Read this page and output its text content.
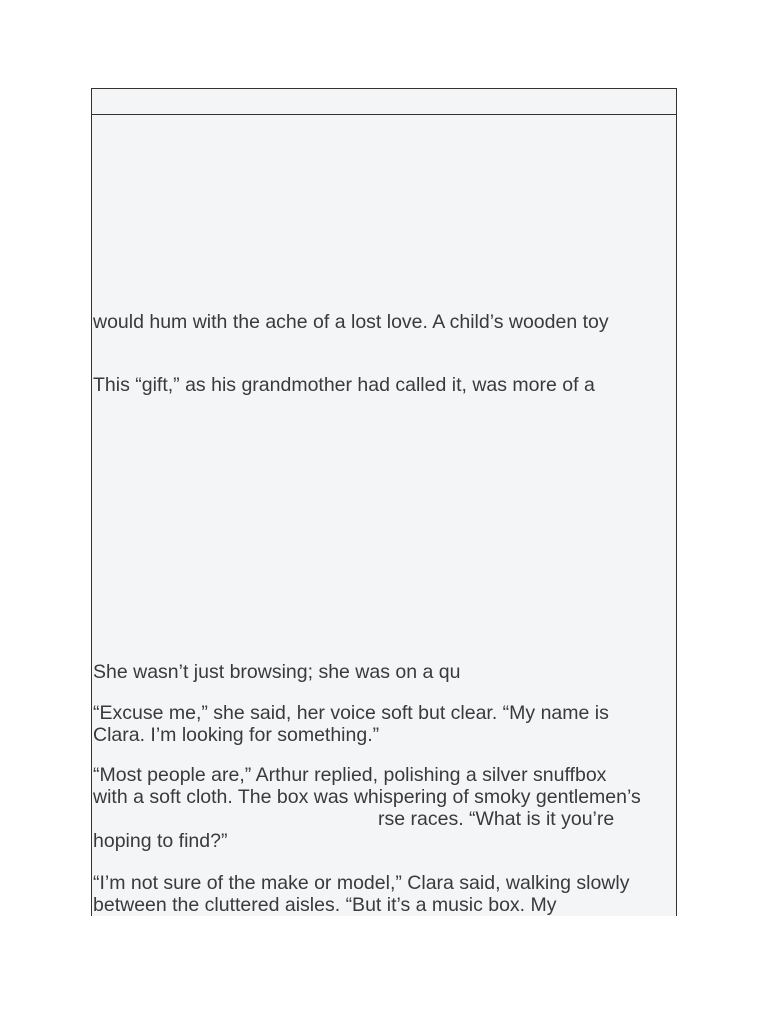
would hum with the ache of a lost love. A child’s wooden toy

This “gift,” as his grandmother had called it, was more of a

She wasn’t just browsing; she was on a qu

“Excuse me,” she said, her voice soft but clear. “My name is

Clara. I’m looking for something.”

“Most people are,” Arthur replied, polishing a silver snuffbox

with a soft cloth. The box was whispering of smoky gentlemen’s

rse races. “What is it you’re

hoping to find?”

“I’m not sure of the make or model,” Clara said, walking slowly

between the cluttered aisles. “But it’s a music box. My
